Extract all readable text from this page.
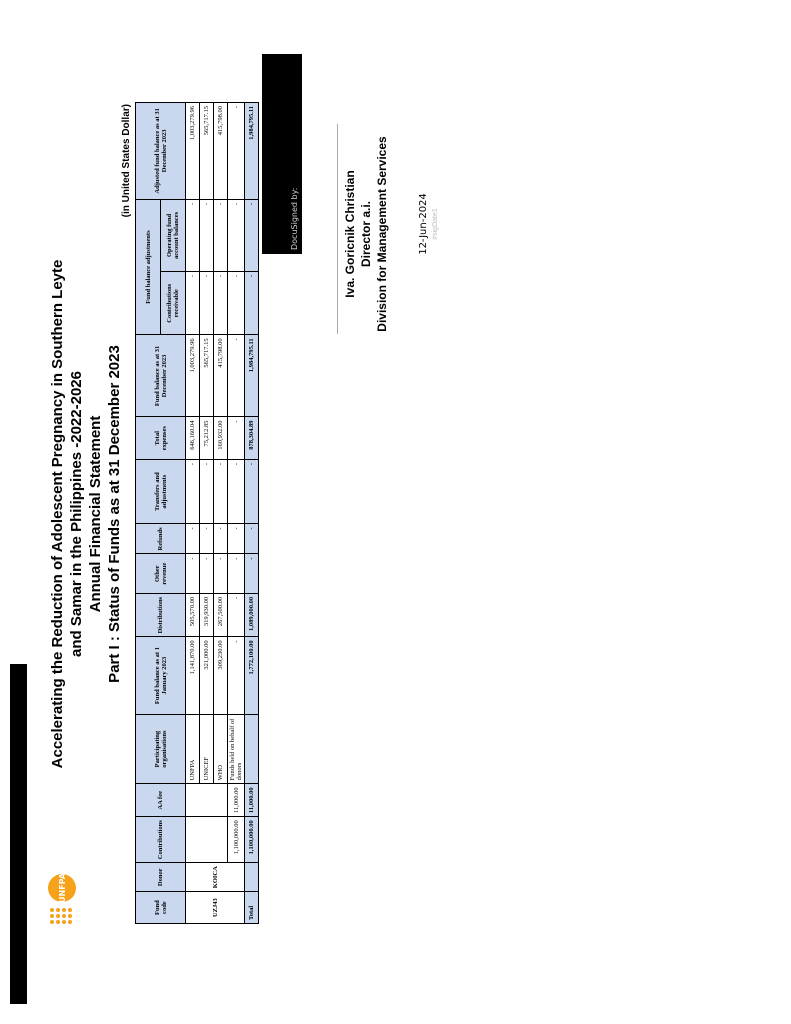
UNFPA
Accelerating the Reduction of Adolescent Pregnancy in Southern Leyte and Samar in the Philippines -2022-2026 Annual Financial Statement Part I : Status of Funds as at 31 December 2023
(in United States Dollar)
Fund code	Donor	Contributions	AA fee	Participating organisations	Fund balance as at 1 January 2023	Distributions	Other revenue	Refunds	Transfers and adjustments	Total expenses	Fund balance as at 31 December 2023	Fund balance adjustments		Adjusted fund balance as at 31 December 2023
												Contributions receivable	Operating fund account balances	
UZJ43	KOICA			UNFPA	1,141,870.00	505,570.00	-	-	-	646,160.04	1,003,279.96	-	-	1,003,279.96
				UNICEF	321,000.00	319,930.00	-	-	-	75,212.85	565,717.15	-	-	565,717.15
				WHO	309,230.00	267,500.00	-	-	-	160,932.00	415,798.00	-	-	415,798.00
		1,100,000.00	11,000.00	Funds held on behalf of donors	-	-	-	-	-	-	-	-	-	-
Total		1,100,000.00	11,000.00		1,772,100.00	1,089,000.00	-	-	-	878,304.89	1,984,795.11	-	-	1,984,795.11
DocuSigned by:	Iva. Goricnik Christian Director a.i. Division for Management Services	12-Jun-2024 #sigDate1
